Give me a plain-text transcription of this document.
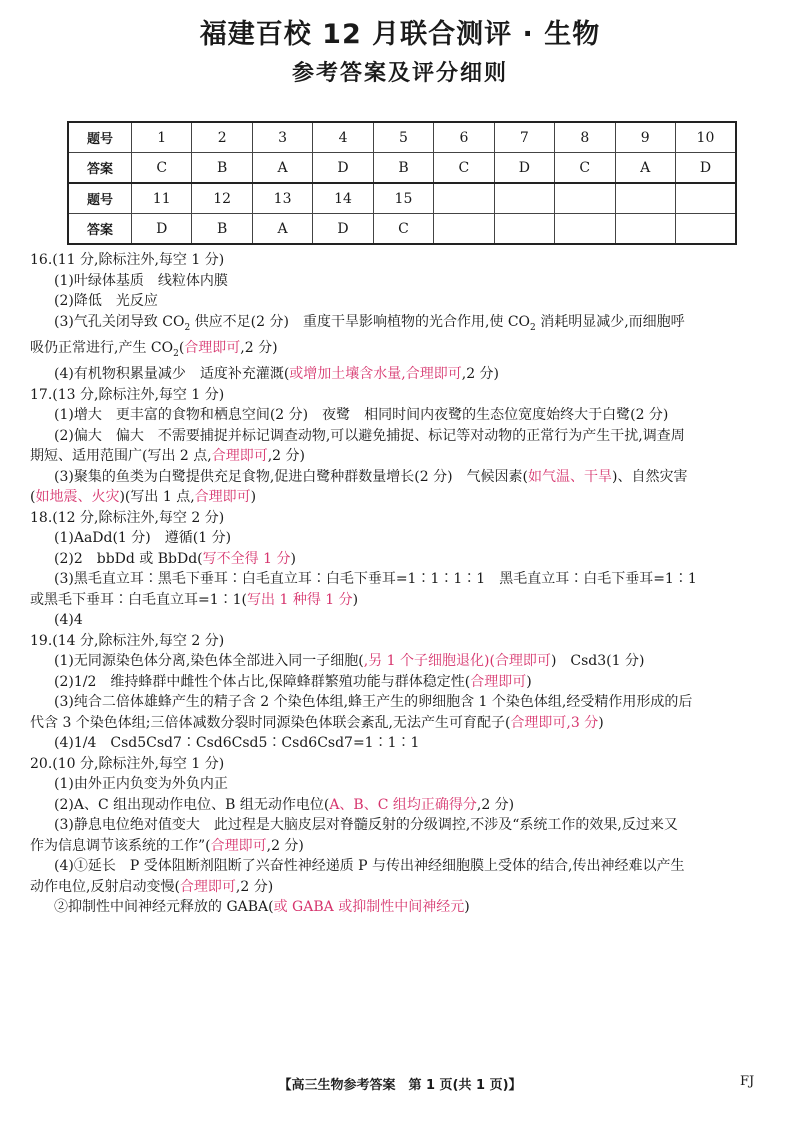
福建百校 12 月联合测评 · 生物
参考答案及评分细则
题号	1	2	3	4	5	6	7	8	9	10
答案	C	B	A	D	B	C	D	C	A	D
题号	11	12	13	14	15					
答案	D	B	A	D	C					
16.(11 分,除标注外,每空 1 分)
(1)叶绿体基质　线粒体内膜
(2)降低　光反应
(3)气孔关闭导致 $CO_2$ 供应不足(2 分)　重度干旱影响植物的光合作用,使 $CO_2$ 消耗明显减少,而细胞呼
吸仍正常进行,产生 $CO_2$(合理即可,2 分)
(4)有机物积累量减少　适度补充灌溉(或增加土壤含水量,合理即可,2 分)
17.(13 分,除标注外,每空 1 分)
(1)增大　更丰富的食物和栖息空间(2 分)　夜鹭　相同时间内夜鹭的生态位宽度始终大于白鹭(2 分)
(2)偏大　偏大　不需要捕捉并标记调查动物,可以避免捕捉、标记等对动物的正常行为产生干扰,调查周
期短、适用范围广(写出 2 点,合理即可,2 分)
(3)聚集的鱼类为白鹭提供充足食物,促进白鹭种群数量增长(2 分)　气候因素(如气温、干旱)、自然灾害
(如地震、火灾)(写出 1 点,合理即可)
18.(12 分,除标注外,每空 2 分)
(1)AaDd(1 分)　遵循(1 分)
(2)2　bbDd 或 BbDd(写不全得 1 分)
(3)黑毛直立耳∶黑毛下垂耳∶白毛直立耳∶白毛下垂耳=1∶1∶1∶1　黑毛直立耳∶白毛下垂耳=1∶1
或黑毛下垂耳∶白毛直立耳=1∶1(写出 1 种得 1 分)
(4)4
19.(14 分,除标注外,每空 2 分)
(1)无同源染色体分离,染色体全部进入同一子细胞(,另 1 个子细胞退化)(合理即可)　Csd3(1 分)
(2)1/2　维持蜂群中雌性个体占比,保障蜂群繁殖功能与群体稳定性(合理即可)
(3)纯合二倍体雄蜂产生的精子含 2 个染色体组,蜂王产生的卵细胞含 1 个染色体组,经受精作用形成的后
代含 3 个染色体组;三倍体减数分裂时同源染色体联会紊乱,无法产生可育配子(合理即可,3 分)
(4)1/4　Csd5Csd7∶Csd6Csd5∶Csd6Csd7=1∶1∶1
20.(10 分,除标注外,每空 1 分)
(1)由外正内负变为外负内正
(2)A、C 组出现动作电位、B 组无动作电位(A、B、C 组均正确得分,2 分)
(3)静息电位绝对值变大　此过程是大脑皮层对脊髓反射的分级调控,不涉及“系统工作的效果,反过来又
作为信息调节该系统的工作”(合理即可,2 分)
(4)①延长　P 受体阻断剂阻断了兴奋性神经递质 P 与传出神经细胞膜上受体的结合,传出神经难以产生
动作电位,反射启动变慢(合理即可,2 分)
②抑制性中间神经元释放的 GABA(或 GABA 或抑制性中间神经元)
【高三生物参考答案　第 1 页(共 1 页)】	FJ
